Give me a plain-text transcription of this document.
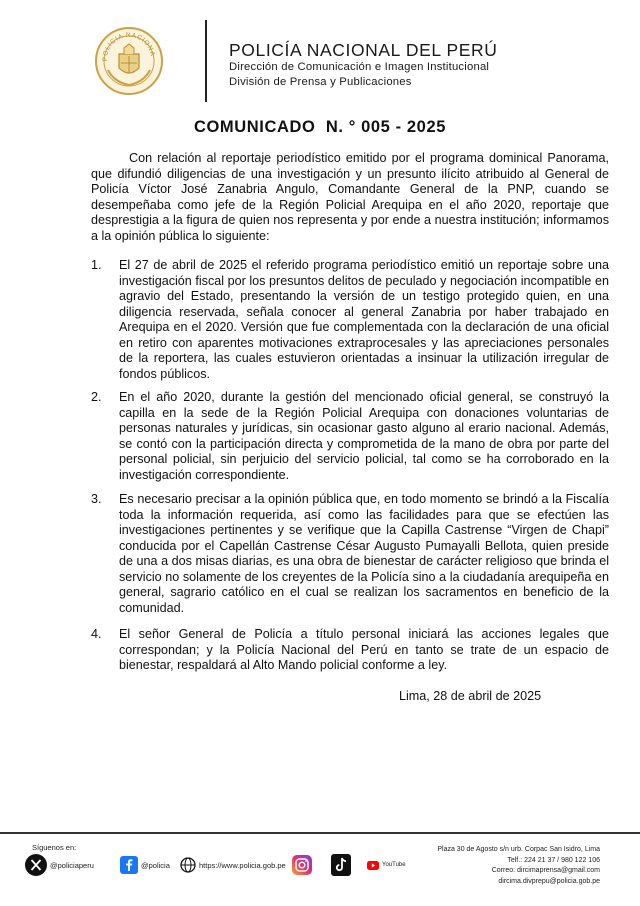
POLICIA NACIONA	POLICÍA NACIONAL DEL PERÚ
Dirección de Comunicación e Imagen Institucional
División de Prensa y Publicaciones
COMUNICADO  N. ° 005 - 2025
Con relación al reportaje periodístico emitido por el programa dominical Panorama, que difundió diligencias de una investigación y un presunto ilícito atribuido al General de Policía Víctor José Zanabria Angulo, Comandante General de la PNP, cuando se desempeñaba como jefe de la Región Policial Arequipa en el año 2020, reportaje que desprestigia a la figura de quien nos representa y por ende a nuestra institución; informamos a la opinión pública lo siguiente:
1.	El 27 de abril de 2025 el referido programa periodístico emitió un reportaje sobre una investigación fiscal por los presuntos delitos de peculado y negociación incompatible en agravio del Estado, presentando la versión de un testigo protegido quien, en una diligencia reservada, señala conocer al general Zanabria por haber trabajado en Arequipa en el 2020. Versión que fue complementada con la declaración de una oficial en retiro con aparentes motivaciones extraprocesales y las apreciaciones personales de la reportera, las cuales estuvieron orientadas a insinuar la utilización irregular de fondos públicos.
2.	En el año 2020, durante la gestión del mencionado oficial general, se construyó la capilla en la sede de la Región Policial Arequipa con donaciones voluntarias de personas naturales y jurídicas, sin ocasionar gasto alguno al erario nacional. Además, se contó con la participación directa y comprometida de la mano de obra por parte del personal policial, sin perjuicio del servicio policial, tal como se ha corroborado en la investigación correspondiente.
3.	Es necesario precisar a la opinión pública que, en todo momento se brindó a la Fiscalía toda la información requerida, así como las facilidades para que se efectúen las investigaciones pertinentes y se verifique que la Capilla Castrense “Virgen de Chapi” conducida por el Capellán Castrense César Augusto Pumayalli Bellota, quien preside de una a dos misas diarias, es una obra de bienestar de carácter religioso que brinda el servicio no solamente de los creyentes de la Policía sino a la ciudadanía arequipeña en general, sagrario católico en el cual se realizan los sacramentos en beneficio de la comunidad.
4.	El señor General de Policía a título personal iniciará las acciones legales que correspondan; y la Policía Nacional del Perú en tanto se trate de un espacio de bienestar, respaldará al Alto Mando policial conforme a ley.
Lima, 28 de abril de 2025
Síguenos en:
@policiaperu	@policia	https://www.policia.gob.pe	YouTube
Plaza 30 de Agosto s/n urb. Corpac San Isidro, Lima
Telf.: 224 21 37 / 980 122 106
Correo: dircimaprensa@gmail.com
dircima.divprepu@policia.gob.pe
